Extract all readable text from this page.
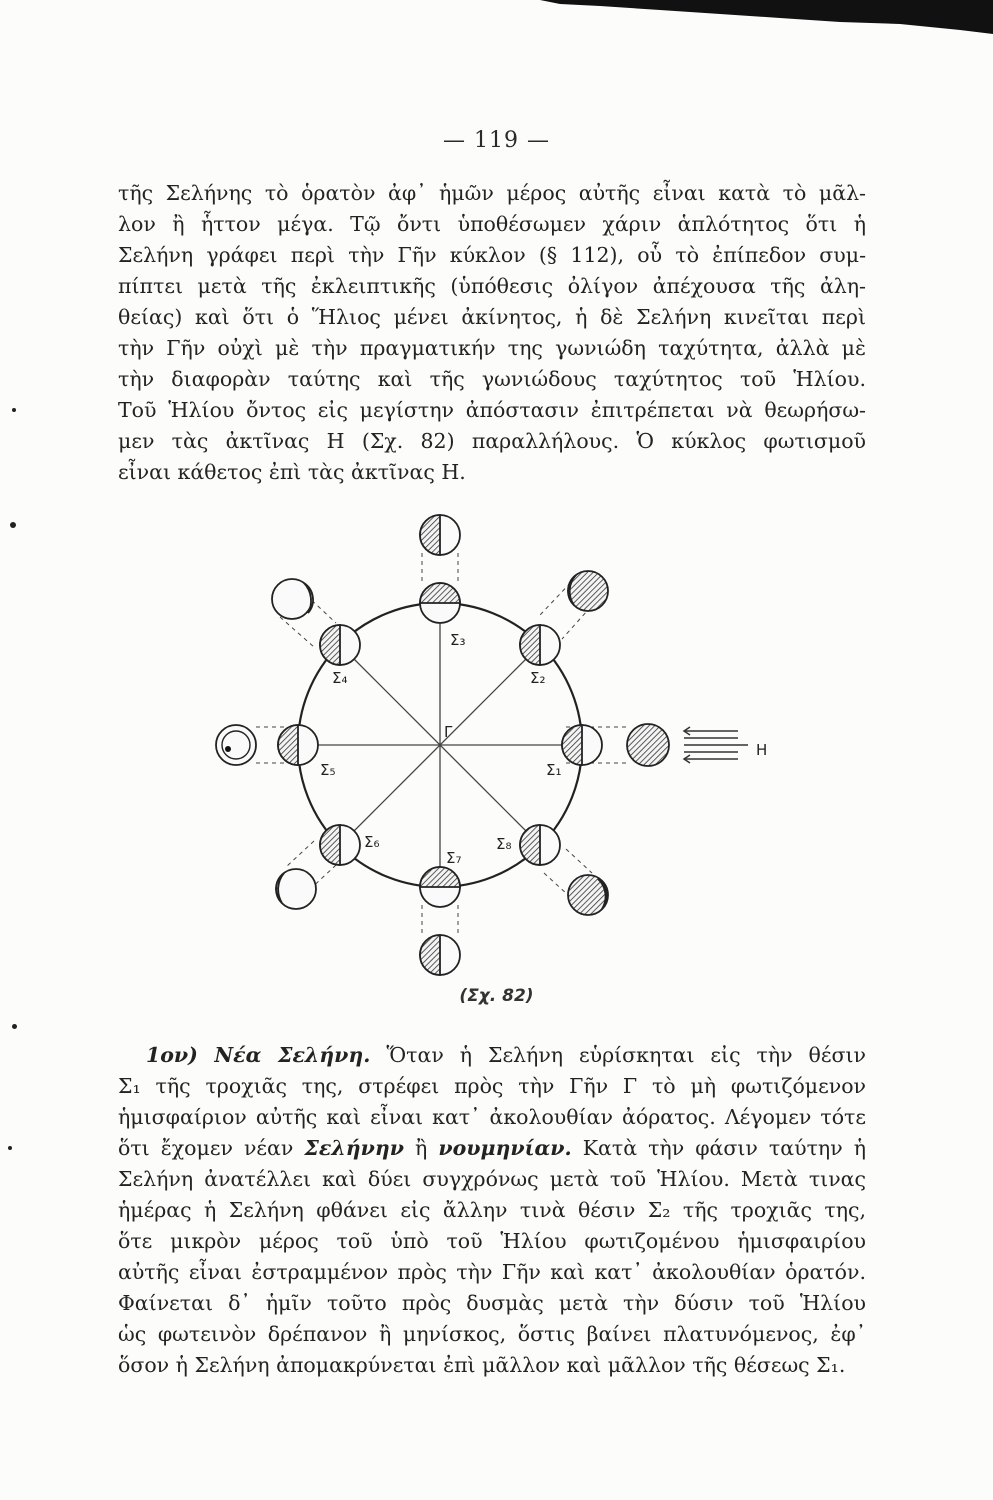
— 119 —
τῆς Σελήνης τὸ ὁρατὸν ἀφ᾽ ἡμῶν μέρος αὐτῆς εἶναι κατὰ τὸ μᾶλ-
λον ἢ ἧττον μέγα. Τῷ ὄντι ὑποθέσωμεν χάριν ἁπλότητος ὅτι ἡ
Σελήνη γράφει περὶ τὴν Γῆν κύκλον (§ 112), οὗ τὸ ἐπίπεδον συμ-
πίπτει μετὰ τῆς ἐκλειπτικῆς (ὑπόθεσις ὀλίγον ἀπέχουσα τῆς ἀλη-
θείας) καὶ ὅτι ὁ Ἥλιος μένει ἀκίνητος, ἡ δὲ Σελήνη κινεῖται περὶ
τὴν Γῆν οὐχὶ μὲ τὴν πραγματικήν της γωνιώδη ταχύτητα, ἀλλὰ μὲ
τὴν διαφορὰν ταύτης καὶ τῆς γωνιώδους ταχύτητος τοῦ Ἡλίου.
Τοῦ Ἡλίου ὄντος εἰς μεγίστην ἀπόστασιν ἐπιτρέπεται νὰ θεωρήσω-
μεν τὰς ἀκτῖνας Η (Σχ. 82) παραλλήλους. Ὁ κύκλος φωτισμοῦ
εἶναι κάθετος ἐπὶ τὰς ἀκτῖνας Η.
Γ
Η
Σ₁
Σ₂
Σ₃
Σ₄
Σ₅
Σ₆
Σ₇
Σ₈
(Σχ. 82)
1ον) Νέα Σελήνη. Ὅταν ἡ Σελήνη εὑρίσκηται εἰς τὴν θέσιν
Σ₁ τῆς τροχιᾶς της, στρέφει πρὸς τὴν Γῆν Γ τὸ μὴ φωτιζόμενον
ἡμισφαίριον αὐτῆς καὶ εἶναι κατ᾽ ἀκολουθίαν ἀόρατος. Λέγομεν τότε
ὅτι ἔχομεν νέαν Σελήνην ἢ νουμηνίαν. Κατὰ τὴν φάσιν ταύτην ἡ
Σελήνη ἀνατέλλει καὶ δύει συγχρόνως μετὰ τοῦ Ἡλίου. Μετὰ τινας
ἡμέρας ἡ Σελήνη φθάνει εἰς ἄλλην τινὰ θέσιν Σ₂ τῆς τροχιᾶς της,
ὅτε μικρὸν μέρος τοῦ ὑπὸ τοῦ Ἡλίου φωτιζομένου ἡμισφαιρίου
αὐτῆς εἶναι ἐστραμμένον πρὸς τὴν Γῆν καὶ κατ᾽ ἀκολουθίαν ὁρατόν.
Φαίνεται δ᾽ ἡμῖν τοῦτο πρὸς δυσμὰς μετὰ τὴν δύσιν τοῦ Ἡλίου
ὡς φωτεινὸν δρέπανον ἢ μηνίσκος, ὅστις βαίνει πλατυνόμενος, ἐφ᾽
ὅσον ἡ Σελήνη ἀπομακρύνεται ἐπὶ μᾶλλον καὶ μᾶλλον τῆς θέσεως Σ₁.
